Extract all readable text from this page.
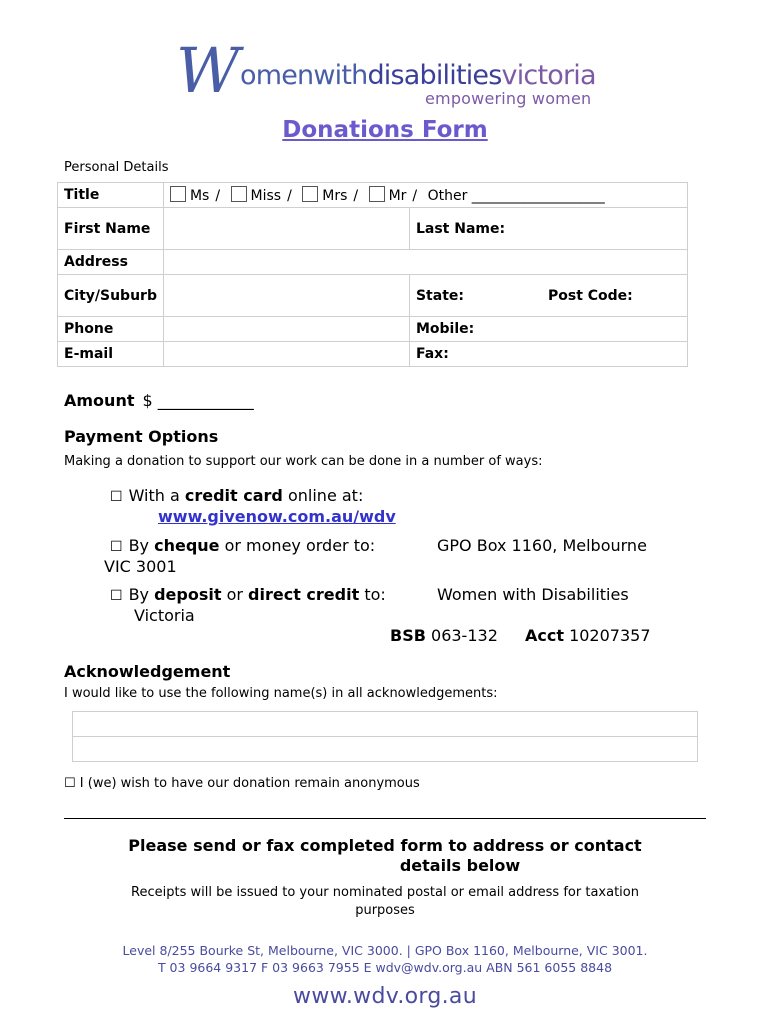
W omenwithdisabilitiesvictoria
empowering women
Donations Form
Personal Details
Title	Ms / Miss / Mrs / Mr / Other ___________________	
First Name		Last Name:
Address		
City/Suburb		State: Post Code:
Phone		Mobile:
E-mail		Fax:
Amount $ ____________
Payment Options
Making a donation to support our work can be done in a number of ways:
☐ With a credit card online at:
www.givenow.com.au/wdv
☐ By cheque or money order to:	GPO Box 1160, Melbourne

VIC 3001
☐ By deposit or direct credit to:	Women with Disabilities

Victoria
BSB 063-132 Acct 10207357
Acknowledgement
I would like to use the following name(s) in all acknowledgements:
☐ I (we) wish to have our donation remain anonymous
Please send or fax completed form to address or contact
details below
Receipts will be issued to your nominated postal or email address for taxation
purposes
Level 8/255 Bourke St, Melbourne, VIC 3000. | GPO Box 1160, Melbourne, VIC 3001.
T 03 9664 9317 F 03 9663 7955 E wdv@wdv.org.au ABN 561 6055 8848
www.wdv.org.au
